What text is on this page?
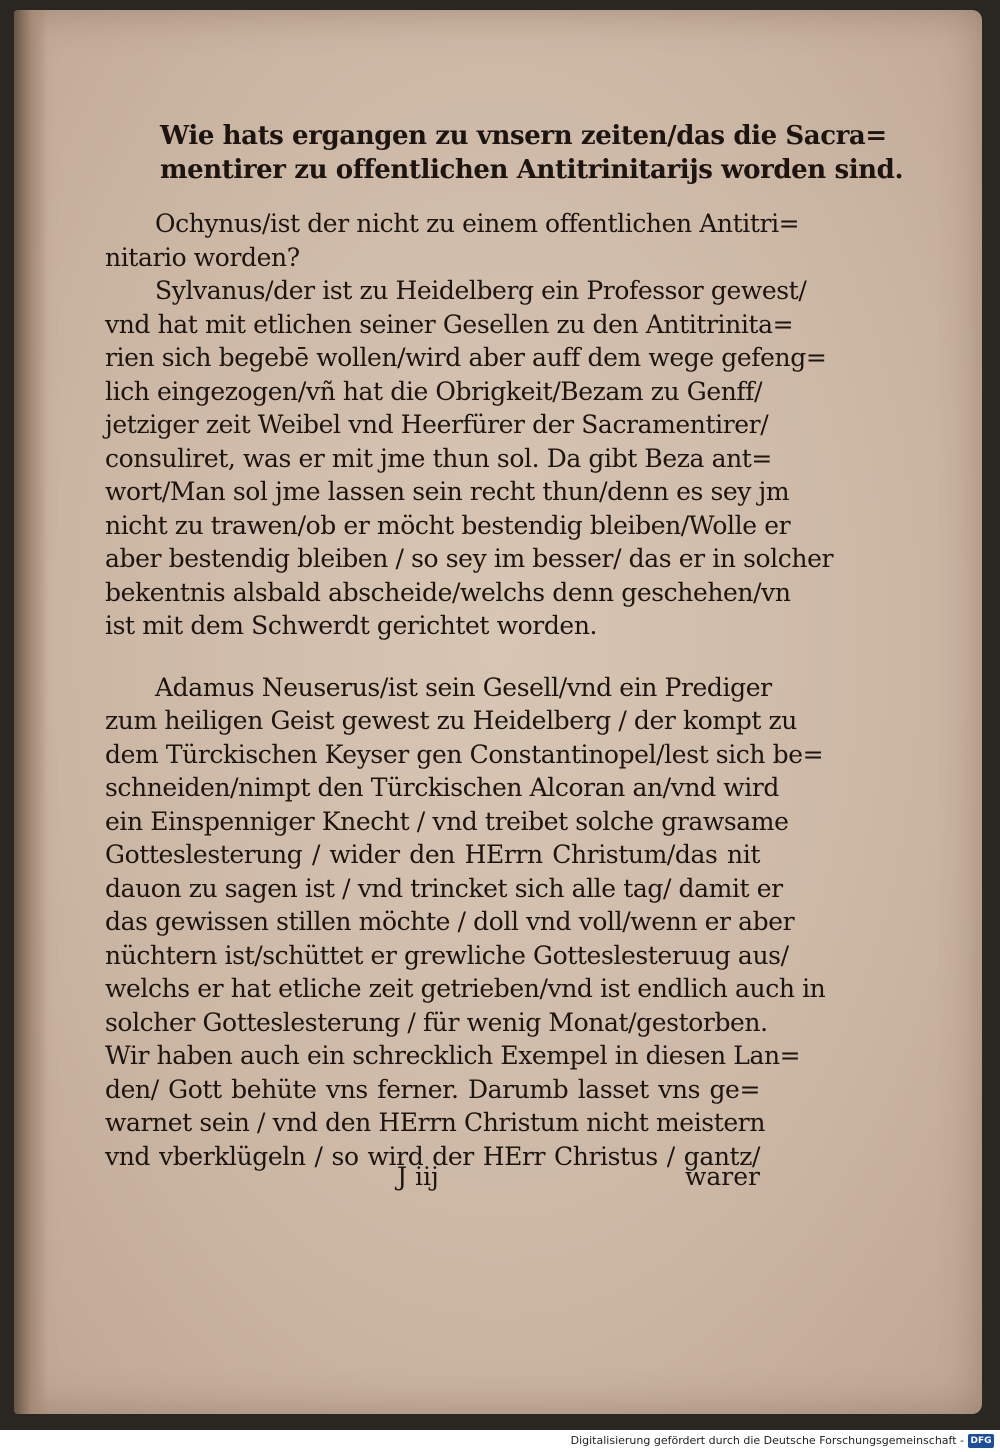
Wie hats ergangen zu vnsern zeiten/das die Sacra=
mentirer zu offentlichen Antitrinitarijs worden sind.
Ochynus/ist der nicht zu einem offentlichen Antitri=
nitario worden?
Sylvanus/der ist zu Heidelberg ein Professor gewest/
vnd hat mit etlichen seiner Gesellen zu den Antitrinita=
rien sich begebē wollen/wird aber auff dem wege gefeng=
lich eingezogen/vñ hat die Obrigkeit/Bezam zu Genff/
jetziger zeit Weibel vnd Heerfürer der Sacramentirer/
consuliret, was er mit jme thun sol. Da gibt Beza ant=
wort/Man sol jme lassen sein recht thun/denn es sey jm
nicht zu trawen/ob er möcht bestendig bleiben/Wolle er
aber bestendig bleiben / so sey im besser/ das er in solcher
bekentnis alsbald abscheide/welchs denn geschehen/vn
ist mit dem Schwerdt gerichtet worden.
Adamus Neuserus/ist sein Gesell/vnd ein Prediger
zum heiligen Geist gewest zu Heidelberg / der kompt zu
dem Türckischen Keyser gen Constantinopel/lest sich be=
schneiden/nimpt den Türckischen Alcoran an/vnd wird
ein Einspenniger Knecht / vnd treibet solche grawsame
Gotteslesterung / wider den HErrn Christum/das nit
dauon zu sagen ist / vnd trincket sich alle tag/ damit er
das gewissen stillen möchte / doll vnd voll/wenn er aber
nüchtern ist/schüttet er grewliche Gotteslesteruug aus/
welchs er hat etliche zeit getrieben/vnd ist endlich auch in
solcher Gotteslesterung / für wenig Monat/gestorben.
Wir haben auch ein schrecklich Exempel in diesen Lan=
den/ Gott behüte vns ferner. Darumb lasset vns ge=
warnet sein / vnd den HErrn Christum nicht meistern
vnd vberklügeln / so wird der HErr Christus / gantz/
J iij	warer
Digitalisierung gefördert durch die Deutsche Forschungsgemeinschaft - DFG
